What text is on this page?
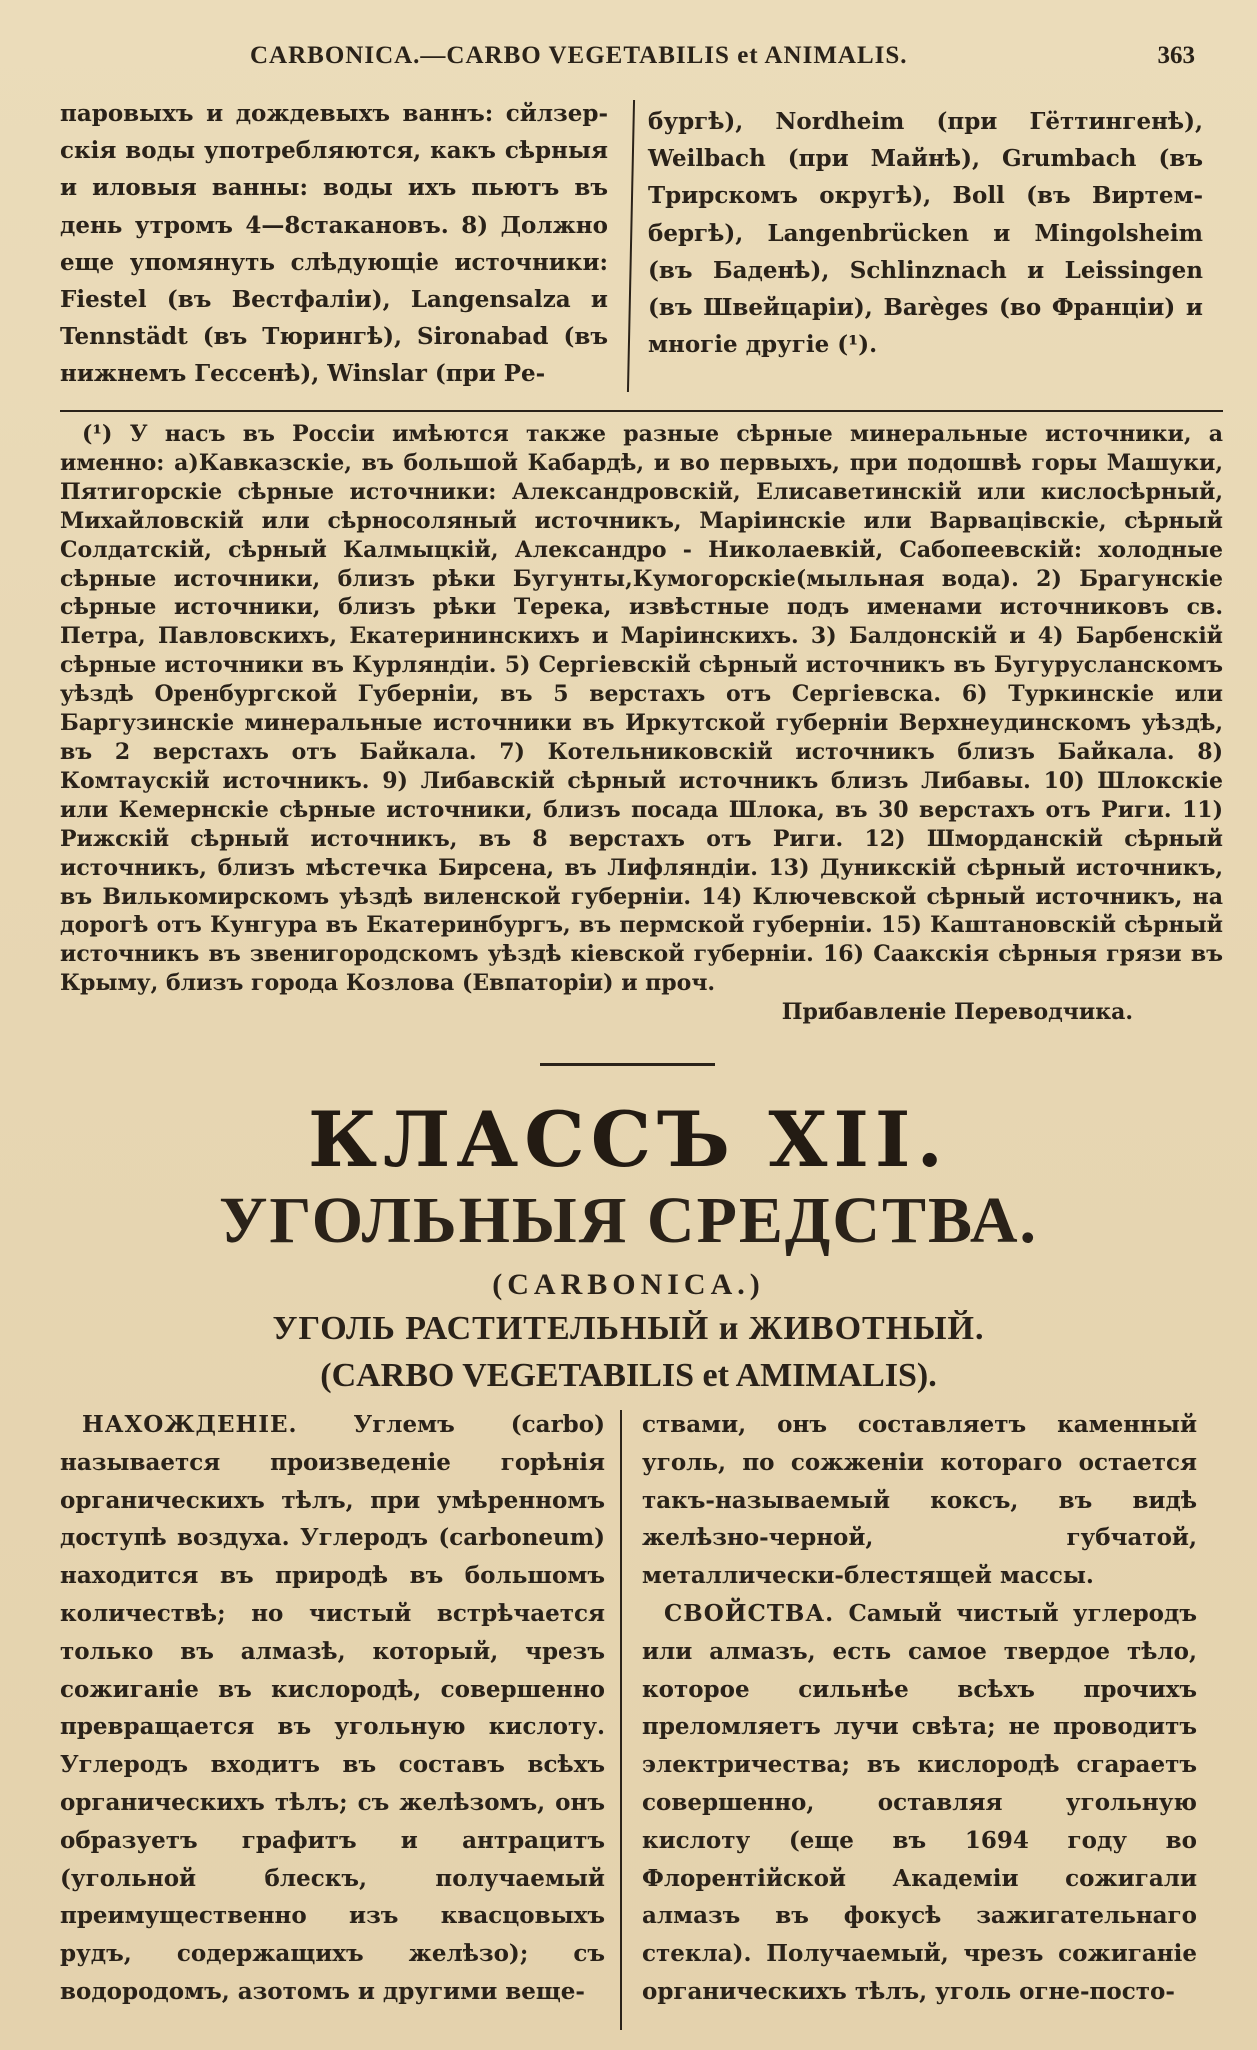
CARBONICA.—CARBO VEGETABILIS et ANIMALIS.	363

паровыхъ и дождевыхъ ваннъ: сйлзер-скія воды употребляются, какъ сѣрныя и иловыя ванны: воды ихъ пьютъ въ день утромъ 4—8стакановъ. 8) Должно еще упомянуть слѣдующіе источники: Fiestel (въ Вестфаліи), Langensalza и Tennstädt (въ Тюрингѣ), Sironabad (въ нижнемъ Гессенѣ), Winslar (при Ре-

бургѣ), Nordheim (при Гёттингенѣ), Weilbach (при Майнѣ), Grumbach (въ Трирскомъ округѣ), Boll (въ Виртем-бергѣ), Langenbrücken и Mingolsheim (въ Баденѣ), Schlinznach и Leissingen (въ Швейцаріи), Barèges (во Франціи) и многіе другіе (¹).

(¹) У насъ въ Россіи имѣются также разные сѣрные минеральные источники, а именно: а)Кавказскіе, въ большой Кабардѣ, и во первыхъ, при подошвѣ горы Машуки, Пятигорскіе сѣрные источники: Александровскій, Елисаветинскій или кислосѣрный, Михайловскій или сѣрносоляный источникъ, Маріинскіе или Варвацівскіе, сѣрный Солдатскій, сѣрный Калмыцкій, Александро - Николаевкій, Сабопеевскій: холодные сѣрные источники, близъ рѣки Бугунты,Кумогорскіе(мыльная вода). 2) Брагунскіе сѣрные источники, близъ рѣки Терека, извѣстные подъ именами источниковъ св. Петра, Павловскихъ, Екатерининскихъ и Маріинскихъ. 3) Балдонскій и 4) Барбенскій сѣрные источники въ Курляндіи. 5) Сергіевскій сѣрный источникъ въ Бугурусланскомъ уѣздѣ Оренбургской Губерніи, въ 5 верстахъ отъ Сергіевска. 6) Туркинскіе или Баргузинскіе минеральные источники въ Иркутской губерніи Верхнеудинскомъ уѣздѣ, въ 2 верстахъ отъ Байкала. 7) Котельниковскій источникъ близъ Байкала. 8) Комтаускій источникъ. 9) Либавскій сѣрный источникъ близъ Либавы. 10) Шлокскіе или Кемернскіе сѣрные источники, близъ посада Шлока, въ 30 верстахъ отъ Риги. 11) Рижскій сѣрный источникъ, въ 8 верстахъ отъ Риги. 12) Шморданскій сѣрный источникъ, близъ мѣстечка Бирсена, въ Лифляндіи. 13) Дуникскій сѣрный источникъ, въ Вилькомирскомъ уѣздѣ виленской губерніи. 14) Ключевской сѣрный источникъ, на дорогѣ отъ Кунгура въ Екатеринбургъ, въ пермской губерніи. 15) Каштановскій сѣрный источникъ въ звенигородскомъ уѣздѣ кіевской губерніи. 16) Саакскія сѣрныя грязи въ Крыму, близъ города Козлова (Евпаторіи) и проч.

Прибавленіе Переводчика.

КЛАССЪ XII.
УГОЛЬНЫЯ СРЕДСТВА.
(CARBONICA.)
УГОЛЬ РАСТИТЕЛЬНЫЙ и ЖИВОТНЫЙ.
(CARBO VEGETABILIS et AMIMALIS).

НАХОЖДЕНІЕ. Углемъ (carbo) называется произведеніе горѣнія органическихъ тѣлъ, при умѣренномъ доступѣ воздуха. Углеродъ (carbonеum) находится въ природѣ въ большомъ количествѣ; но чистый встрѣчается только въ алмазѣ, который, чрезъ сожиганіе въ кислородѣ, совершенно превращается въ угольную кислоту. Углеродъ входитъ въ составъ всѣхъ органическихъ тѣлъ; съ желѣзомъ, онъ образуетъ графитъ и антрацитъ (угольной блескъ, получаемый преимущественно изъ квасцовыхъ рудъ, содержащихъ желѣзо); съ водородомъ, азотомъ и другими веще-

ствами, онъ составляетъ каменный уголь, по сожженіи котораго остается такъ-называемый коксъ, въ видѣ желѣзно-черной, губчатой, металлически-блестящей массы.

СВОЙСТВА. Самый чистый углеродъ или алмазъ, есть самое твердое тѣло, которое сильнѣе всѣхъ прочихъ преломляетъ лучи свѣта; не проводитъ электричества; въ кислородѣ сгараетъ совершенно, оставляя угольную кислоту (еще въ 1694 году во Флорентійской Академіи сожигали алмазъ въ фокусѣ зажигательнаго стекла). Получаемый, чрезъ сожиганіе органическихъ тѣлъ, уголь огне-посто-
